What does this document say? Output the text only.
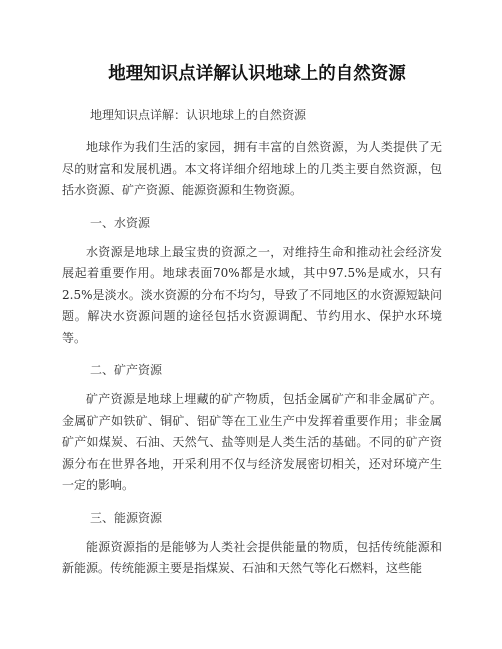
地理知识点详解认识地球上的自然资源
地理知识点详解：认识地球上的自然资源

地球作为我们生活的家园，拥有丰富的自然资源，为人类提供了无尽的财富和发展机遇。本文将详细介绍地球上的几类主要自然资源，包括水资源、矿产资源、能源资源和生物资源。

一、水资源

水资源是地球上最宝贵的资源之一，对维持生命和推动社会经济发展起着重要作用。地球表面70%都是水域，其中97.5%是咸水，只有2.5%是淡水。淡水资源的分布不均匀，导致了不同地区的水资源短缺问题。解决水资源问题的途径包括水资源调配、节约用水、保护水环境等。

二、矿产资源

矿产资源是地球上埋藏的矿产物质，包括金属矿产和非金属矿产。金属矿产如铁矿、铜矿、铝矿等在工业生产中发挥着重要作用；非金属矿产如煤炭、石油、天然气、盐等则是人类生活的基础。不同的矿产资源分布在世界各地，开采利用不仅与经济发展密切相关，还对环境产生一定的影响。

三、能源资源

能源资源指的是能够为人类社会提供能量的物质，包括传统能源和新能源。传统能源主要是指煤炭、石油和天然气等化石燃料，这些能
